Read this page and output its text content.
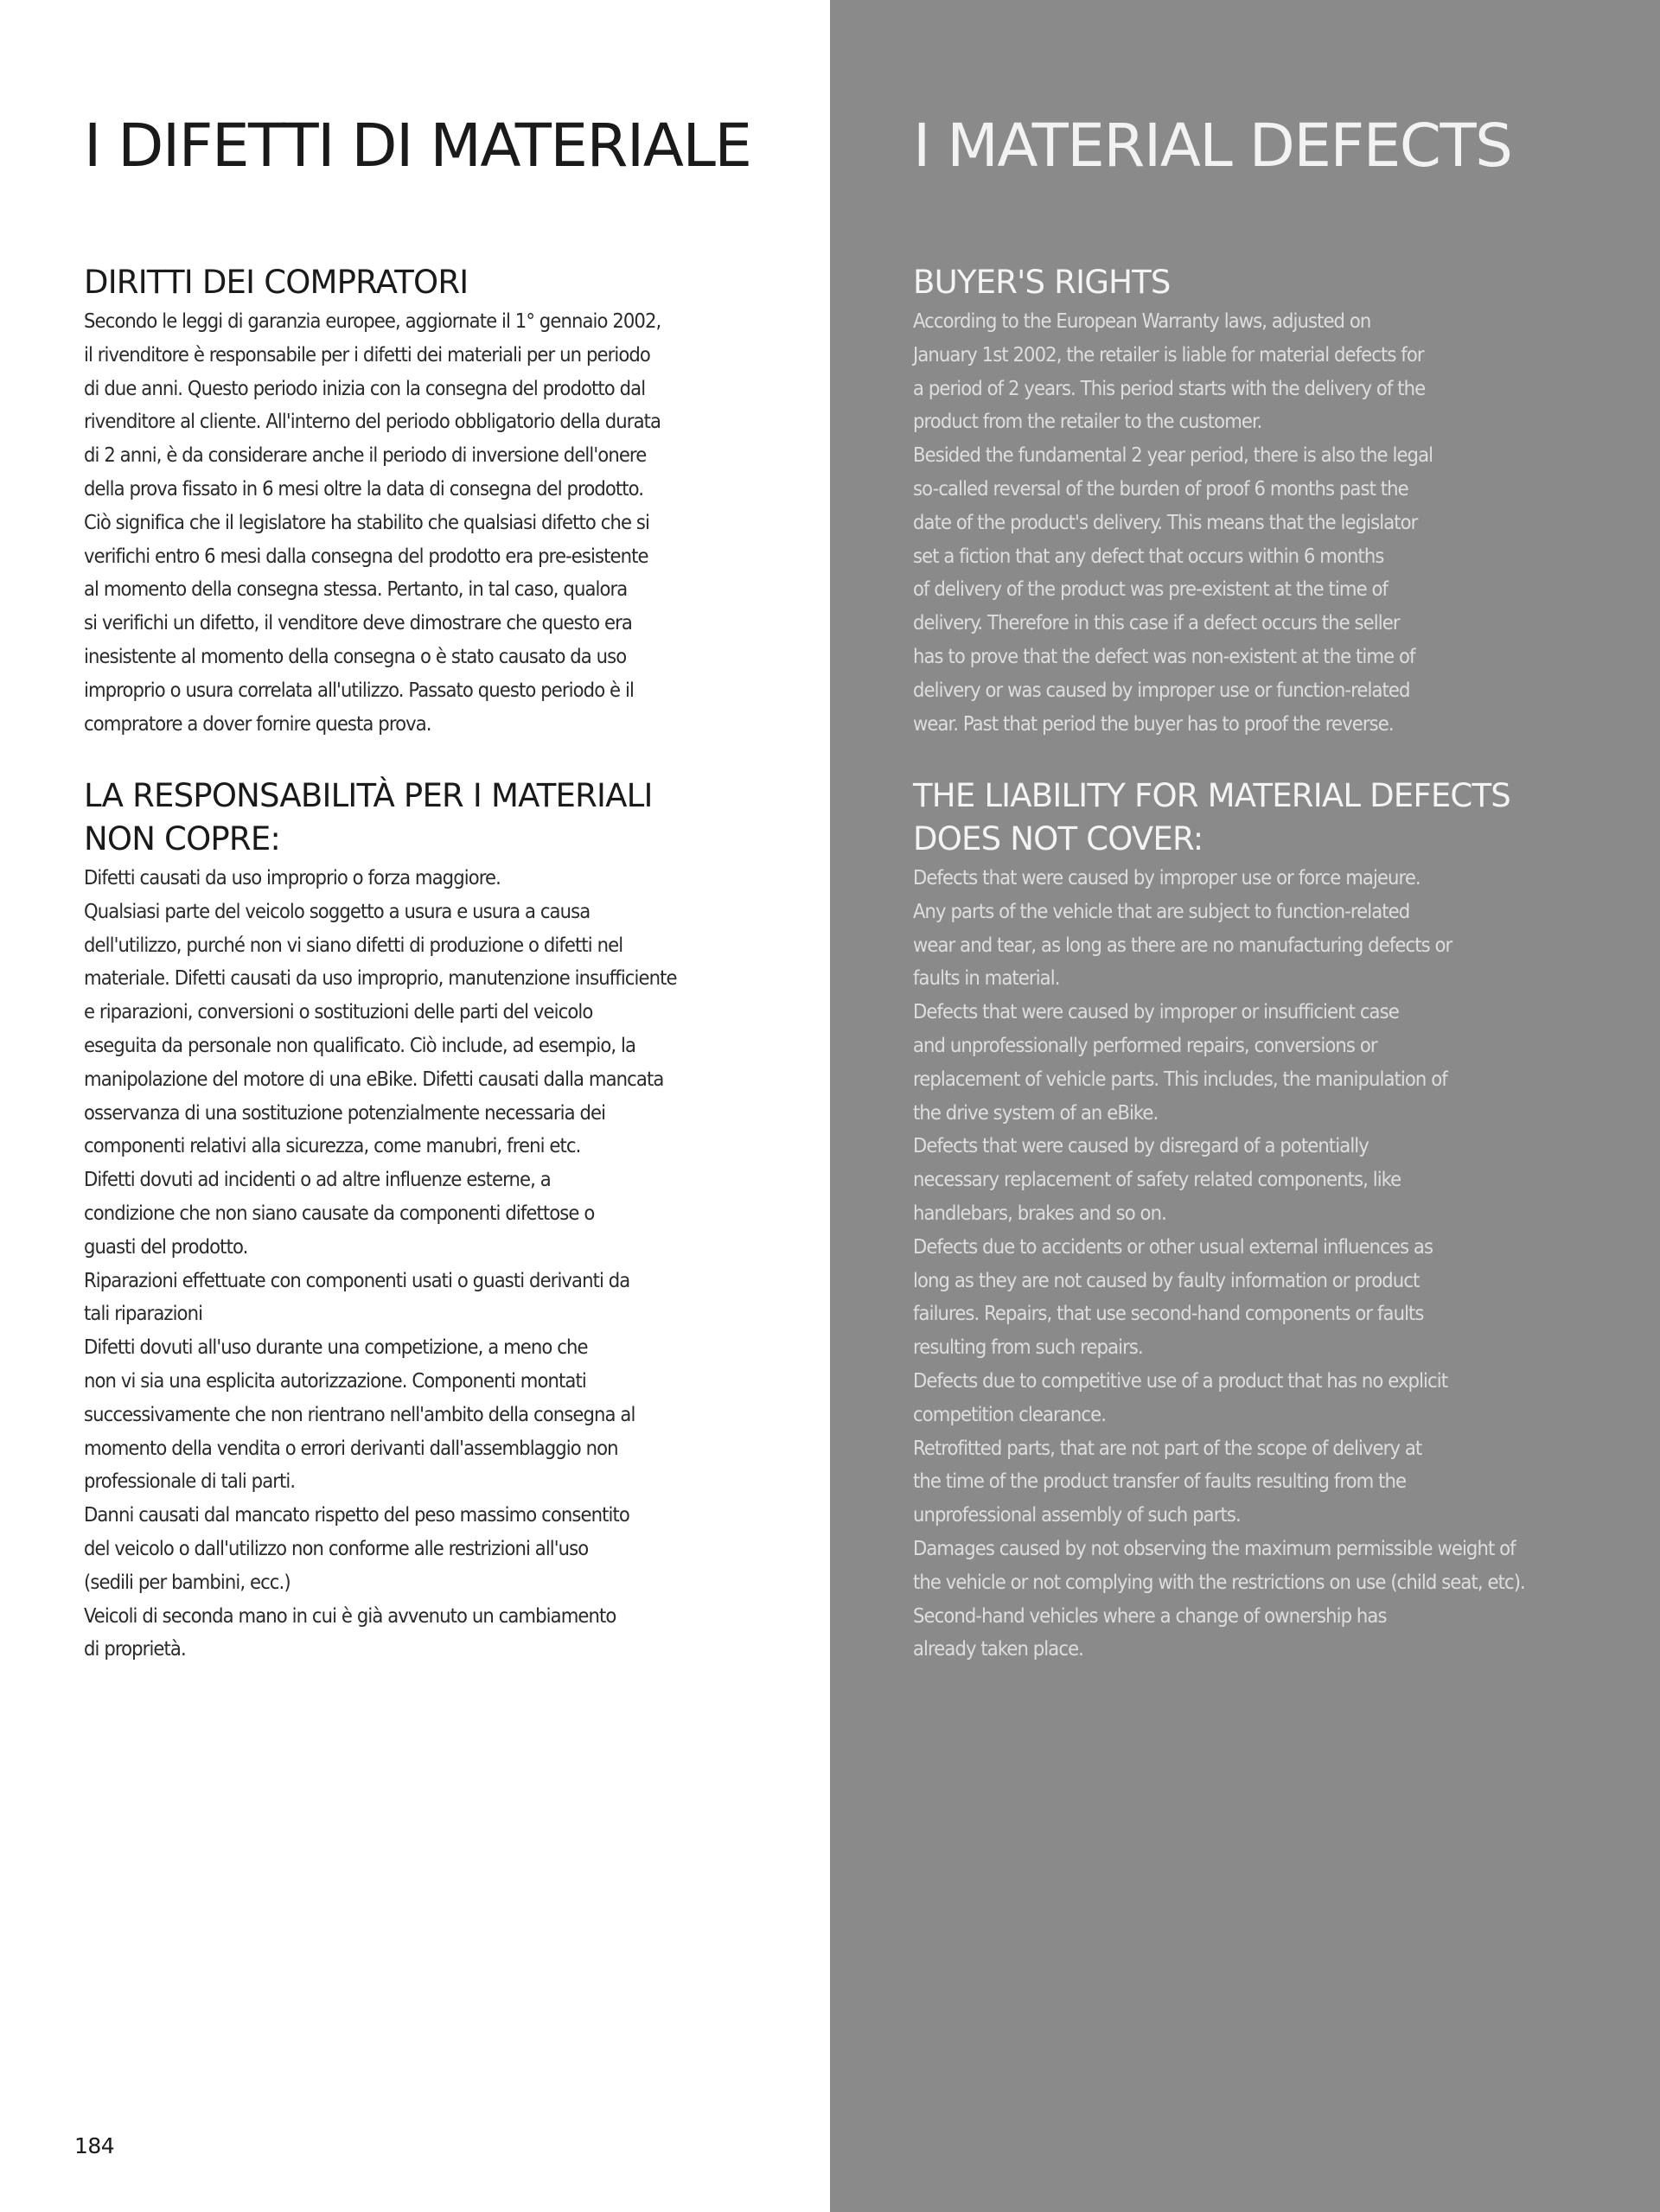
I DIFETTI DI MATERIALE
DIRITTI DEI COMPRATORI

Secondo le leggi di garanzia europee, aggiornate il 1° gennaio 2002,
il rivenditore è responsabile per i difetti dei materiali per un periodo
di due anni. Questo periodo inizia con la consegna del prodotto dal
rivenditore al cliente. All'interno del periodo obbligatorio della durata
di 2 anni, è da considerare anche il periodo di inversione dell'onere
della prova fissato in 6 mesi oltre la data di consegna del prodotto.
Ciò significa che il legislatore ha stabilito che qualsiasi difetto che si
verifichi entro 6 mesi dalla consegna del prodotto era pre-esistente
al momento della consegna stessa. Pertanto, in tal caso, qualora
si verifichi un difetto, il venditore deve dimostrare che questo era
inesistente al momento della consegna o è stato causato da uso
improprio o usura correlata all'utilizzo. Passato questo periodo è il
compratore a dover fornire questa prova.

LA RESPONSABILITÀ PER I MATERIALI
NON COPRE:

Difetti causati da uso improprio o forza maggiore.
Qualsiasi parte del veicolo soggetto a usura e usura a causa
dell'utilizzo, purché non vi siano difetti di produzione o difetti nel
materiale. Difetti causati da uso improprio, manutenzione insufficiente
e riparazioni, conversioni o sostituzioni delle parti del veicolo
eseguita da personale non qualificato. Ciò include, ad esempio, la
manipolazione del motore di una eBike. Difetti causati dalla mancata
osservanza di una sostituzione potenzialmente necessaria dei
componenti relativi alla sicurezza, come manubri, freni etc.
Difetti dovuti ad incidenti o ad altre influenze esterne, a
condizione che non siano causate da componenti difettose o
guasti del prodotto.
Riparazioni effettuate con componenti usati o guasti derivanti da
tali riparazioni
Difetti dovuti all'uso durante una competizione, a meno che
non vi sia una esplicita autorizzazione. Componenti montati
successivamente che non rientrano nell'ambito della consegna al
momento della vendita o errori derivanti dall'assemblaggio non
professionale di tali parti.
Danni causati dal mancato rispetto del peso massimo consentito
del veicolo o dall'utilizzo non conforme alle restrizioni all'uso
(sedili per bambini, ecc.)
Veicoli di seconda mano in cui è già avvenuto un cambiamento
di proprietà.

184

I MATERIAL DEFECTS
BUYER'S RIGHTS

According to the European Warranty laws, adjusted on
January 1st 2002, the retailer is liable for material defects for
a period of 2 years. This period starts with the delivery of the
product from the retailer to the customer.
Besided the fundamental 2 year period, there is also the legal
so-called reversal of the burden of proof 6 months past the
date of the product's delivery. This means that the legislator
set a fiction that any defect that occurs within 6 months
of delivery of the product was pre-existent at the time of
delivery. Therefore in this case if a defect occurs the seller
has to prove that the defect was non-existent at the time of
delivery or was caused by improper use or function-related
wear. Past that period the buyer has to proof the reverse.

THE LIABILITY FOR MATERIAL DEFECTS
DOES NOT COVER:

Defects that were caused by improper use or force majeure.
Any parts of the vehicle that are subject to function-related
wear and tear, as long as there are no manufacturing defects or
faults in material.
Defects that were caused by improper or insufficient case
and unprofessionally performed repairs, conversions or
replacement of vehicle parts. This includes, the manipulation of
the drive system of an eBike.
Defects that were caused by disregard of a potentially
necessary replacement of safety related components, like
handlebars, brakes and so on.
Defects due to accidents or other usual external influences as
long as they are not caused by faulty information or product
failures. Repairs, that use second-hand components or faults
resulting from such repairs.
Defects due to competitive use of a product that has no explicit
competition clearance.
Retrofitted parts, that are not part of the scope of delivery at
the time of the product transfer of faults resulting from the
unprofessional assembly of such parts.
Damages caused by not observing the maximum permissible weight of
the vehicle or not complying with the restrictions on use (child seat, etc).
Second-hand vehicles where a change of ownership has
already taken place.
